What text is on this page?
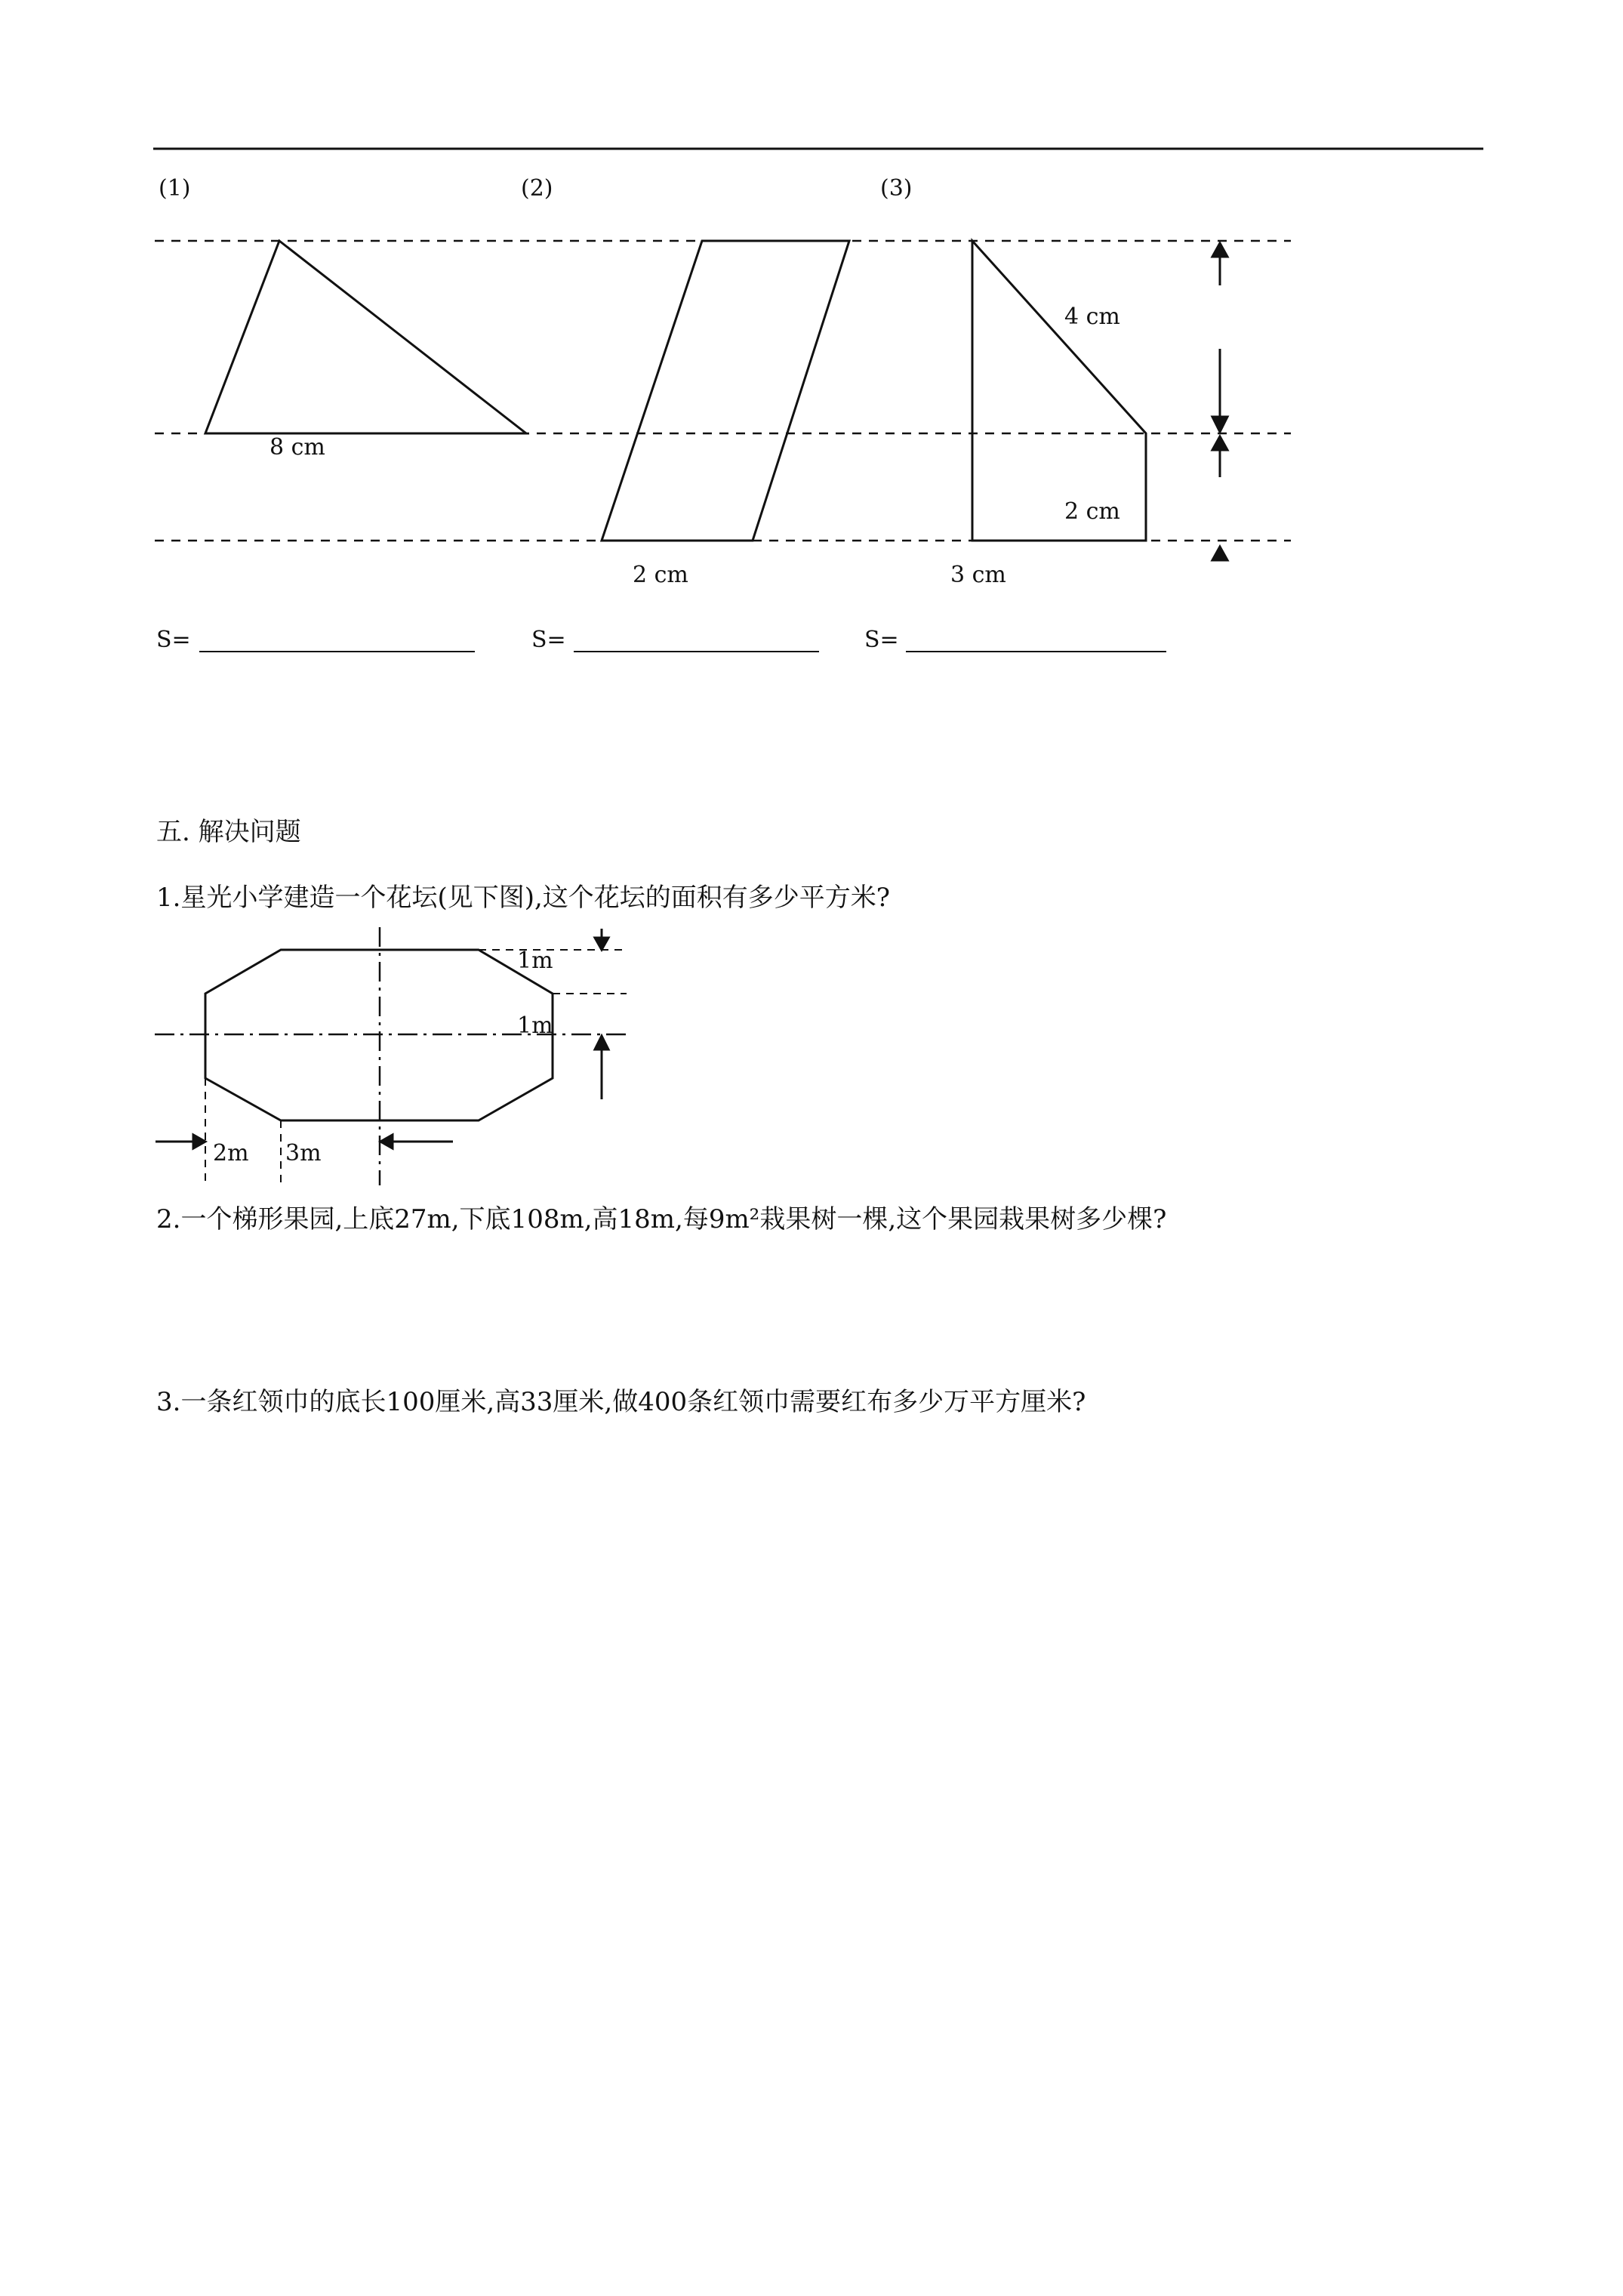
(1)	(2)	(3)
8 cm
2 cm
4 cm
2 cm
3 cm
S=	S=	S=
五. 解决问题
1.星光小学建造一个花坛(见下图),这个花坛的面积有多少平方米?
1m
1m
2m 3m
2.一个梯形果园,上底27m,下底108m,高18m,每9m²栽果树一棵,这个果园栽果树多少棵?
3.一条红领巾的底长100厘米,高33厘米,做400条红领巾需要红布多少万平方厘米?
